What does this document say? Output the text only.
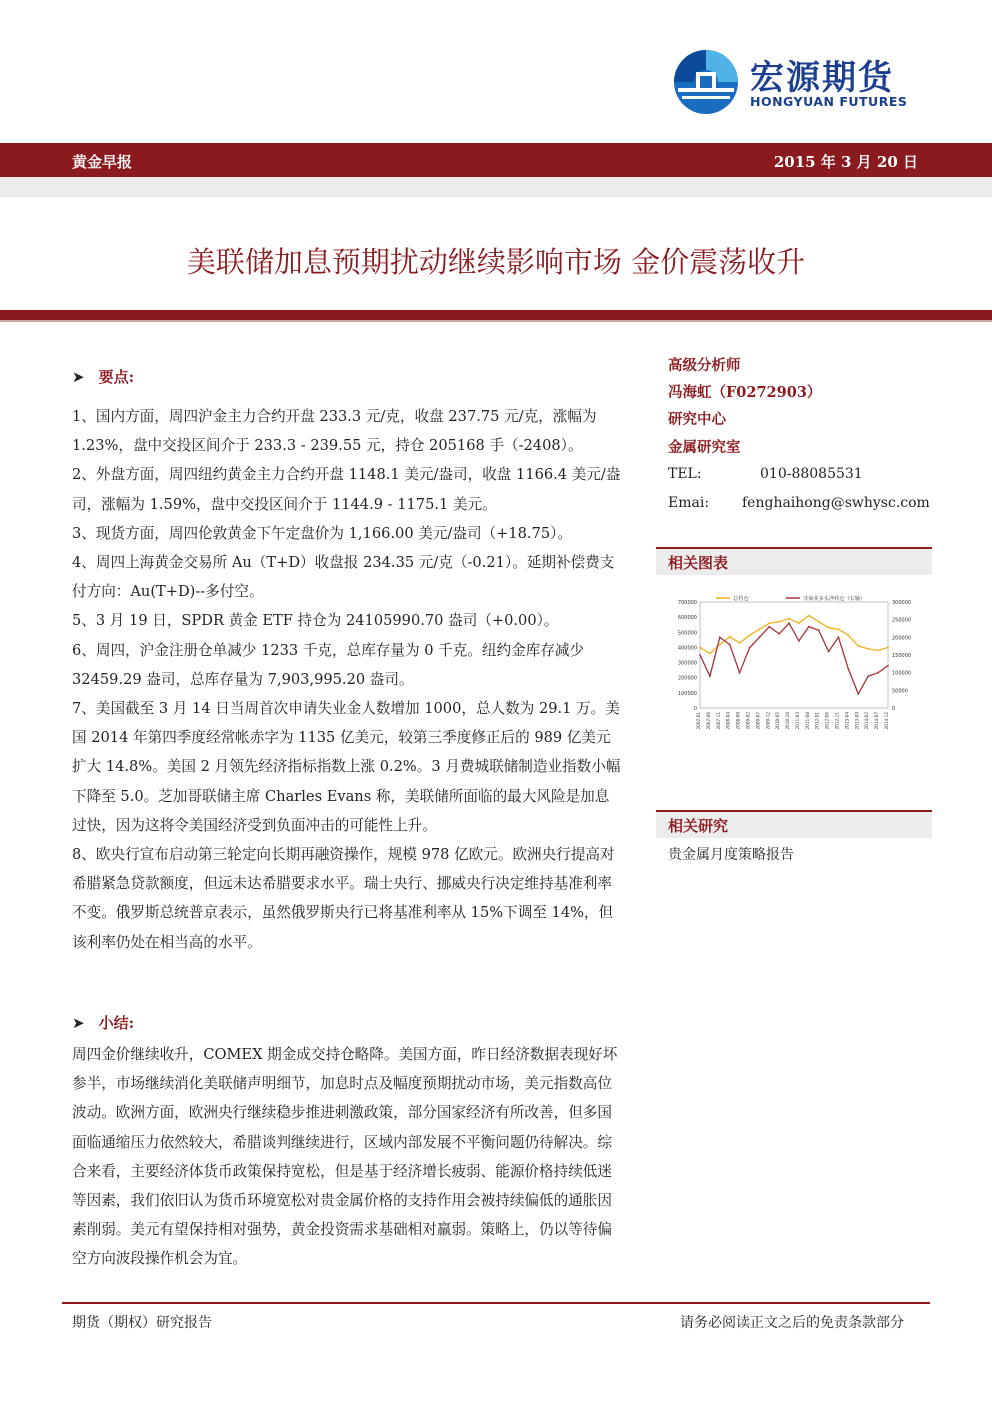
宏源期货
HONGYUAN FUTURES
黄金早报	2015 年 3 月 20 日
美联储加息预期扰动继续影响市场 金价震荡收升
➤ 要点:

1、国内方面，周四沪金主力合约开盘 233.3 元/克，收盘 237.75 元/克，涨幅为 1.23%，盘中交投区间介于 233.3 - 239.55 元，持仓 205168 手（-2408）。

2、外盘方面，周四纽约黄金主力合约开盘 1148.1 美元/盎司，收盘 1166.4 美元/盎司，涨幅为 1.59%，盘中交投区间介于 1144.9 - 1175.1 美元。

3、现货方面，周四伦敦黄金下午定盘价为 1,166.00 美元/盎司（+18.75）。

4、周四上海黄金交易所 Au（T+D）收盘报 234.35 元/克（-0.21）。延期补偿费支付方向：Au(T+D)--多付空。

5、3 月 19 日，SPDR 黄金 ETF 持仓为 24105990.70 盎司（+0.00）。

6、周四，沪金注册仓单减少 1233 千克，总库存量为 0 千克。纽约金库存减少 32459.29 盎司，总库存量为 7,903,995.20 盎司。

7、美国截至 3 月 14 日当周首次申请失业金人数增加 1000，总人数为 29.1 万。美国 2014 年第四季度经常帐赤字为 1135 亿美元，较第三季度修正后的 989 亿美元扩大 14.8%。美国 2 月领先经济指标指数上涨 0.2%。3 月费城联储制造业指数小幅下降至 5.0。芝加哥联储主席 Charles Evans 称，美联储所面临的最大风险是加息过快，因为这将令美国经济受到负面冲击的可能性上升。

8、欧央行宣布启动第三轮定向长期再融资操作，规模 978 亿欧元。欧洲央行提高对希腊紧急贷款额度，但远未达希腊要求水平。瑞士央行、挪威央行决定维持基准利率不变。俄罗斯总统普京表示，虽然俄罗斯央行已将基准利率从 15%下调至 14%，但该利率仍处在相当高的水平。

➤ 小结:

周四金价继续收升，COMEX 期金成交持仓略降。美国方面，昨日经济数据表现好坏参半，市场继续消化美联储声明细节，加息时点及幅度预期扰动市场，美元指数高位波动。欧洲方面，欧洲央行继续稳步推进刺激政策，部分国家经济有所改善，但多国面临通缩压力依然较大，希腊谈判继续进行，区域内部发展不平衡问题仍待解决。综合来看，主要经济体货币政策保持宽松，但是基于经济增长疲弱、能源价格持续低迷等因素，我们依旧认为货币环境宽松对贵金属价格的支持作用会被持续偏低的通胀因素削弱。美元有望保持相对强势，黄金投资需求基础相对羸弱。策略上，仍以等待偏空方向波段操作机会为宜。

高级分析师
冯海虹（F0272903）
研究中心
金属研究室
TEL:	010-88085531
Emai: fenghaihong@swhysc.com
相关图表
700000
600000
500000
400000
300000
200000
100000
0
300000
250000
200000
150000
100000
50000
0
2007-01 2007-06 2007-11 2008-04 2008-09 2009-02 2009-07 2009-12 2010-05 2010-10 2011-03 2011-08 2012-01 2012-06 2012-11 2013-04 2013-09 2014-02 2014-07 2014-12
总持仓	非商业多头净持仓（右轴）
相关研究
贵金属月度策略报告
期货（期权）研究报告	请务必阅读正文之后的免责条款部分
